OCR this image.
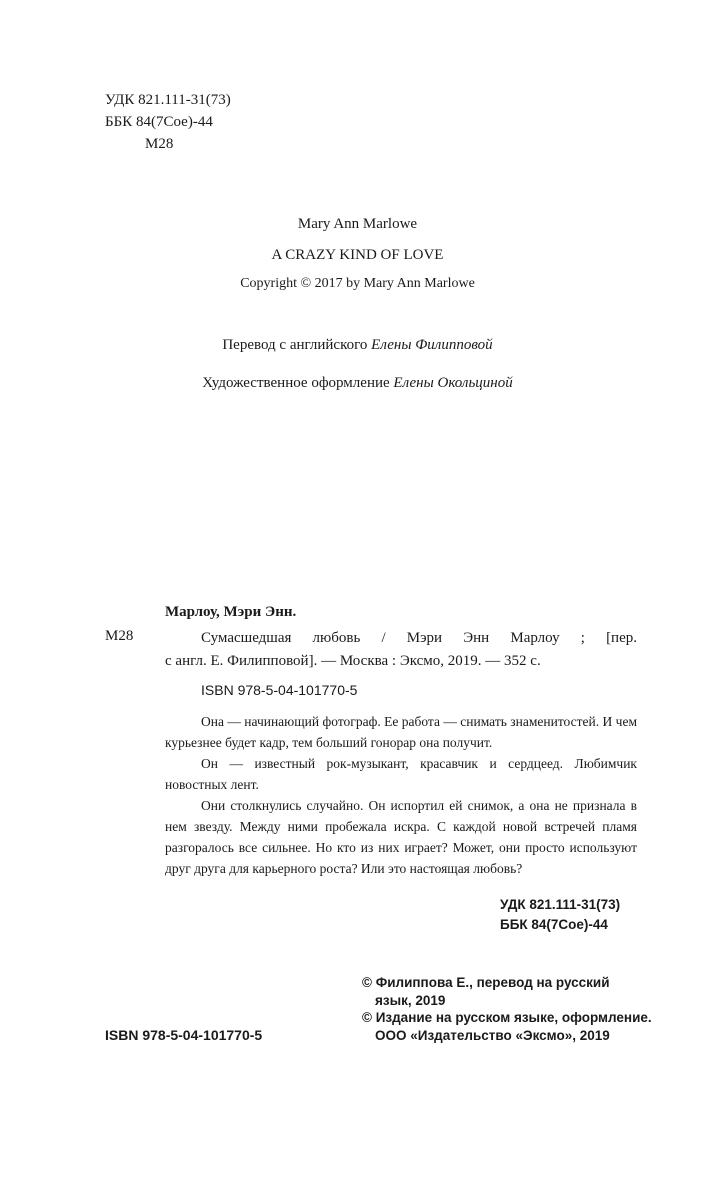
УДК 821.111-31(73)
ББК 84(7Сое)-44
М28
Mary Ann Marlowe
A CRAZY KIND OF LOVE
Copyright © 2017 by Mary Ann Marlowe
Перевод с английского Елены Филипповой
Художественное оформление Елены Окольциной
Марлоу, Мэри Энн.
М28	Сумасшедшая любовь / Мэри Энн Марлоу ; [пер.
с англ. Е. Филипповой]. — Москва : Эксмо, 2019. — 352 с.
ISBN 978-5-04-101770-5

Она — начинающий фотограф. Ее работа — снимать знаменитостей. И чем курьезнее будет кадр, тем больший гонорар она получит.

Он — известный рок-музыкант, красавчик и сердцеед. Любимчик новостных лент.

Они столкнулись случайно. Он испортил ей снимок, а она не признала в нем звезду. Между ними пробежала искра. С каждой новой встречей пламя разгоралось все сильнее. Но кто из них играет? Может, они просто используют друг друга для карьерного роста? Или это настоящая любовь?

УДК 821.111-31(73)
ББК 84(7Сое)-44
© Филиппова Е., перевод на русский
язык, 2019
© Издание на русском языке, оформление.
ООО «Издательство «Эксмо», 2019
ISBN 978-5-04-101770-5
